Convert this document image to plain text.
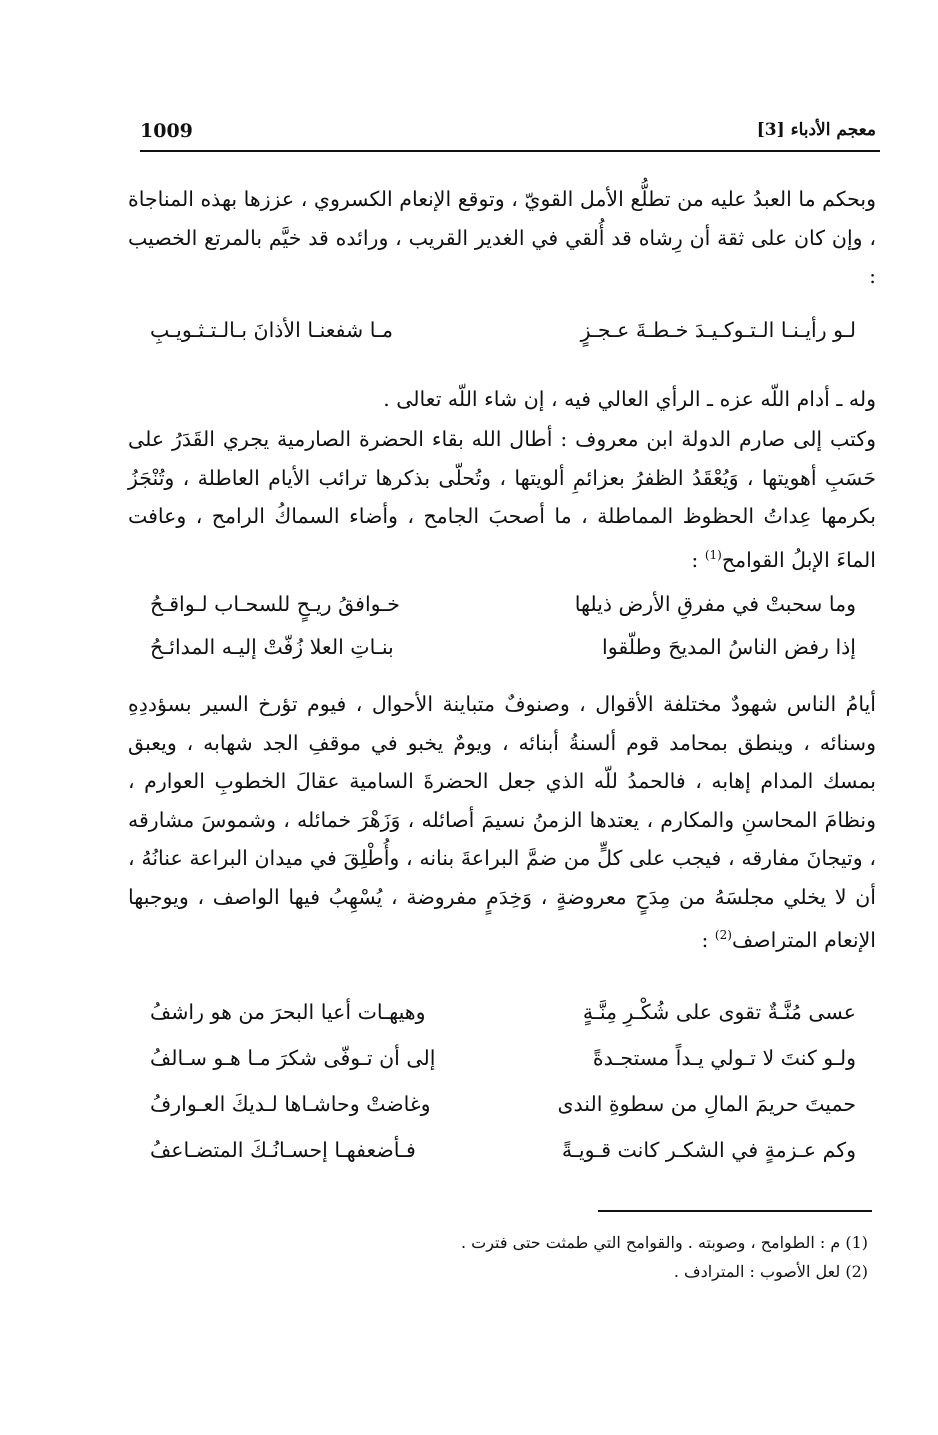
معجم الأدباء [3]
1009
وبحكم ما العبدُ عليه من تطلُّع الأمل القويّ ، وتوقع الإنعام الكسروي ، عززها بهذه المناجاة ، وإن كان على ثقة أن رِشاه قد أُلقي في الغدير القريب ، ورائده قد خيَّم بالمرتع الخصيب :
لـو رأيـنـا الـتـوكـيـدَ خـطـةَ عـجـزٍ
مـا شفعنـا الأذانَ بـالـتـثـويـبِ
وله ـ أدام اللّه عزه ـ الرأي العالي فيه ، إن شاء اللّه تعالى .
وكتب إلى صارم الدولة ابن معروف : أطال الله بقاء الحضرة الصارمية يجري القَدَرُ على حَسَبِ أهويتها ، وَيُعْقَدُ الظفرُ بعزائمِ ألويتها ، وتُحلّى بذكرها ترائب الأيام العاطلة ، وتُنْجَزُ بكرمها عِداتُ الحظوظ المماطلة ، ما أصحبَ الجامح ، وأضاء السماكُ الرامح ، وعافت الماءَ الإبلُ القوامح$^{(1)}$ :
وما سحبتْ في مفرقِ الأرض ذيلها
خـوافقُ ريـحٍ للسحـاب لـواقـحُ
إذا رفض الناسُ المديحَ وطلّقوا
بنـاتِ العلا زُفّتْ إليـه المدائـحُ
أيامُ الناس شهودٌ مختلفة الأقوال ، وصنوفٌ متباينة الأحوال ، فيوم تؤرخ السير بسؤددِهِ وسنائه ، وينطق بمحامد قوم ألسنةُ أبنائه ، ويومٌ يخبو في موقفِ الجد شهابه ، ويعبق بمسك المدام إهابه ، فالحمدُ للّه الذي جعل الحضرةَ السامية عقالَ الخطوبِ العوارم ، ونظامَ المحاسنِ والمكارم ، يعتدها الزمنُ نسيمَ أصائله ، وَزَهْرَ خمائله ، وشموسَ مشارقه ، وتيجانَ مفارقه ، فيجب على كلٍّ من ضمَّ البراعةَ بنانه ، وأُطْلِقَ في ميدان البراعة عنانُهُ ، أن لا يخلي مجلسَهُ من مِدَحٍ معروضةٍ ، وَخِدَمٍ مفروضة ، يُسْهِبُ فيها الواصف ، ويوجبها الإنعام المتراصف$^{(2)}$ :
عسى مُنَّـةٌ تقوى على شُكْـرِ مِنَّـةٍ
وهيهـات أعيا البحرَ من هو راشفُ
ولـو كنتَ لا تـولي يـداً مستجـدةً
إلى أن تـوفّى شكرَ مـا هـو سـالفُ
حميتَ حريمَ المالِ من سطوةِ الندى
وغاضتْ وحاشـاها لـديكَ العـوارفُ
وكم عـزمةٍ في الشكـر كانت قـويـةً
فـأضعفهـا إحسـانُـكَ المتضـاعفُ
(1) م : الطوامح ، وصوبته . والقوامح التي طمثت حتى فترت .
(2) لعل الأصوب : المترادف .
